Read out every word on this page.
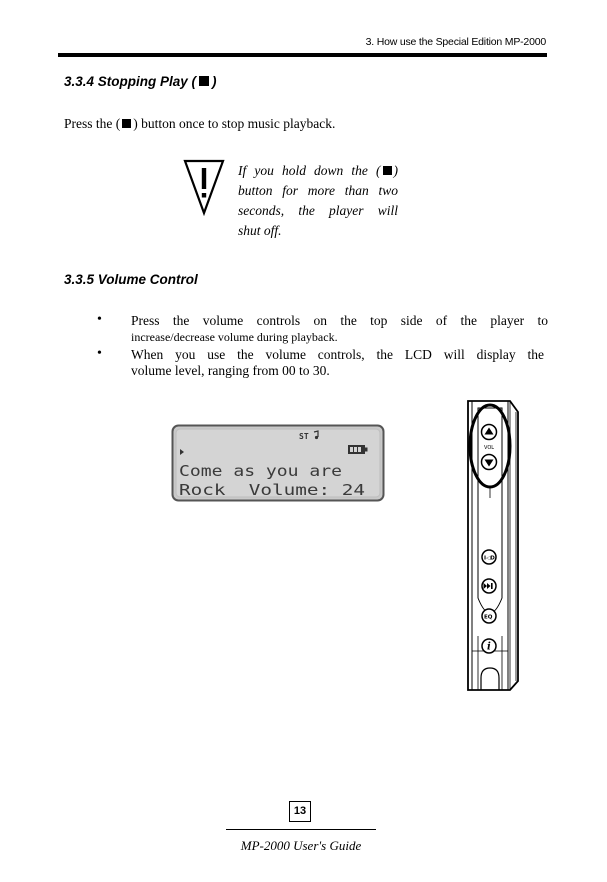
3. How use the Special Edition MP-2000
3.3.4 Stopping Play ( )
Press the ( ) button once to stop music playback.
If you hold down the ( )
button for more than two
seconds, the player will
shut off.
3.3.5 Volume Control
• Press the volume controls on the top side of the player to
increase/decrease volume during playback.
• When you use the volume controls, the LCD will display the
volume level, ranging from 00 to 30.
ST
Come as you are
Rock  Volume: 24
VOL
I◁D
EQ
i
13
MP-2000 User's Guide
